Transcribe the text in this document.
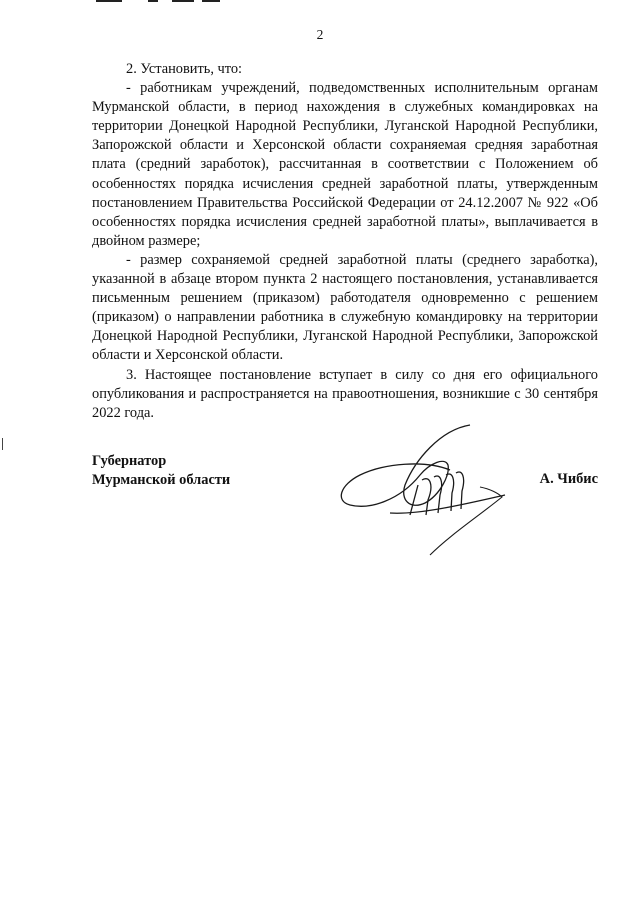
2

2. Установить, что:

- работникам учреждений, подведомственных исполнительным органам Мурманской области, в период нахождения в служебных командировках на территории Донецкой Народной Республики, Луганской Народной Республики, Запорожской области и Херсонской области сохраняемая средняя заработная плата (средний заработок), рассчитанная в соответствии с Положением об особенностях порядка исчисления средней заработной платы, утвержденным постановлением Правительства Российской Федерации от 24.12.2007 № 922 «Об особенностях порядка исчисления средней заработной платы», выплачивается в двойном размере;

- размер сохраняемой средней заработной платы (среднего заработка), указанной в абзаце втором пункта 2 настоящего постановления, устанавливается письменным решением (приказом) работодателя одновременно с решением (приказом) о направлении работника в служебную командировку на территории Донецкой Народной Республики, Луганской Народной Республики, Запорожской области и Херсонской области.

3. Настоящее постановление вступает в силу со дня его официального опубликования и распространяется на правоотношения, возникшие с 30 сентября 2022 года.

Губернатор
Мурманской области	А. Чибис
